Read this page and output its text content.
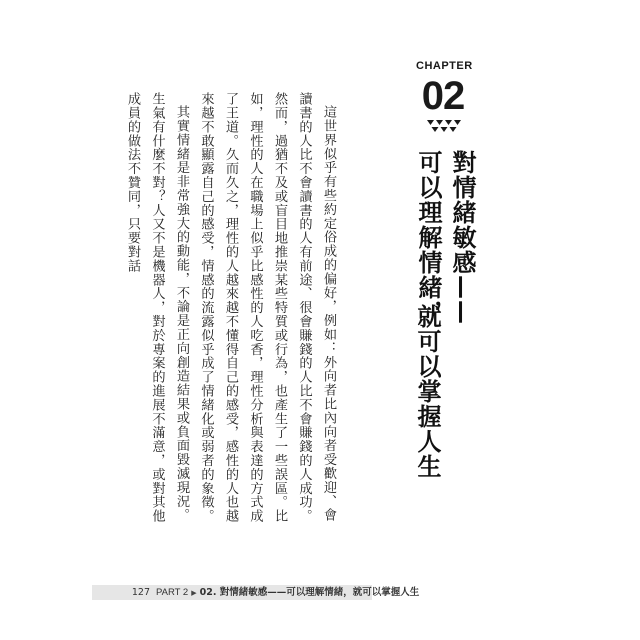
CHAPTER
02
對情緒敏感——
可以理解情緒，
就可以掌握人生

這世界似乎有些約定俗成的偏好，例如：外向者比內向者受歡迎、會讀書的人比不會讀書的人有前途、很會賺錢的人比不會賺錢的人成功。然而，過猶不及或盲目地推崇某些特質或行為，也產生了一些誤區。比如，理性的人在職場上似乎比感性的人吃香，理性分析與表達的方式成了王道。久而久之，理性的人越來越不懂得自己的感受，感性的人也越來越不敢顯露自己的感受，情感的流露似乎成了情緒化或弱者的象徵。

其實情緒是非常強大的動能，不論是正向創造結果或負面毀滅現況。生氣有什麼不對？人又不是機器人，對於專案的進展不滿意，或對其他成員的做法不贊同，只要對話

127 PART 2 ▶ 02. 對情緒敏感——可以理解情緒，就可以掌握人生
